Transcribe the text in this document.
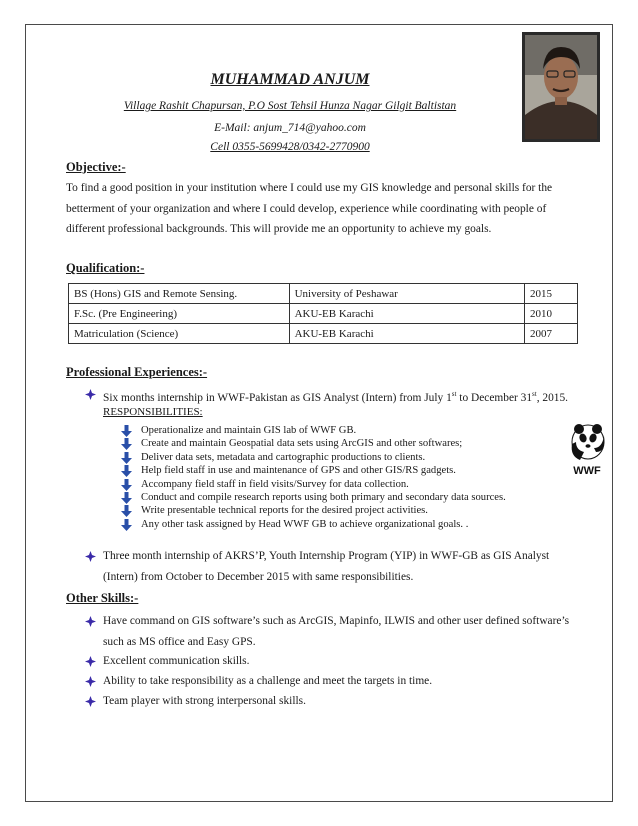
MUHAMMAD ANJUM
Village Rashit Chapursan, P.O Sost Tehsil Hunza Nagar Gilgit Baltistan
E-Mail: anjum_714@yahoo.com
Cell 0355-5699428/0342-2770900
Objective:-
To find a good position in your institution where I could use my GIS knowledge and personal skills for the
betterment of your organization and where I could develop, experience while coordinating with people of
different professional backgrounds. This will provide me an opportunity to achieve my goals.
Qualification:-
BS (Hons) GIS and Remote Sensing.	University of Peshawar	2015
F.Sc. (Pre Engineering)	AKU-EB Karachi	2010
Matriculation (Science)	AKU-EB Karachi	2007
Professional Experiences:-
Six months internship in WWF-Pakistan as GIS Analyst (Intern) from July 1st to December 31st, 2015.
RESPONSIBILITIES:
Operationalize and maintain GIS lab of WWF GB.
Create and maintain Geospatial data sets using ArcGIS and other softwares;
Deliver data sets, metadata and cartographic productions to clients.
Help field staff in use and maintenance of GPS and other GIS/RS gadgets.
Accompany field staff in field visits/Survey for data collection.
Conduct and compile research reports using both primary and secondary data sources.
Write presentable technical reports for the desired project activities.
Any other task assigned by Head WWF GB to achieve organizational goals. .
WWF
Three month internship of AKRS’P, Youth Internship Program (YIP) in WWF-GB as GIS Analyst
(Intern) from October to December 2015 with same responsibilities.
Other Skills:-
Have command on GIS software’s such as ArcGIS, Mapinfo, ILWIS and other user defined software’s
such as MS office and Easy GPS.
Excellent communication skills.
Ability to take responsibility as a challenge and meet the targets in time.
Team player with strong interpersonal skills.
